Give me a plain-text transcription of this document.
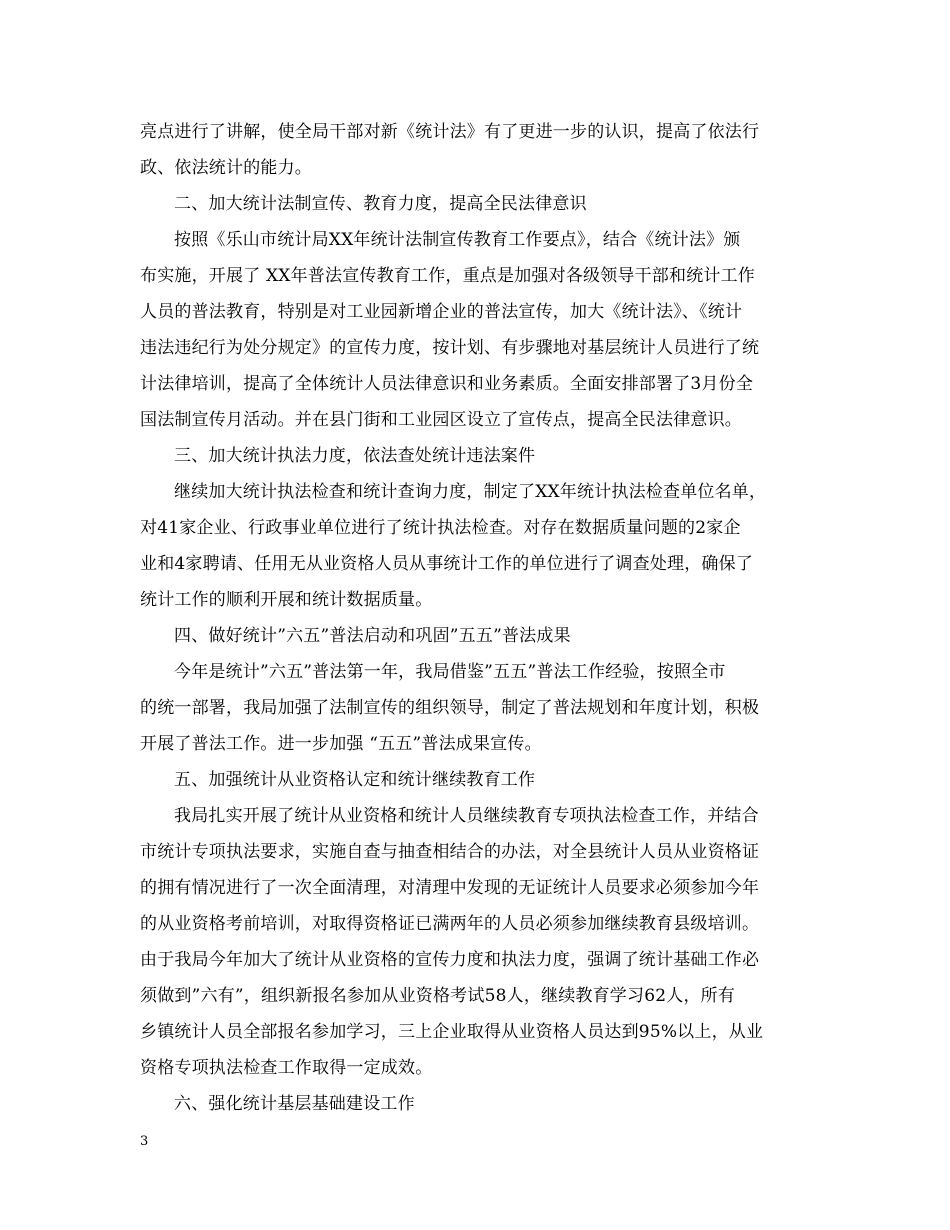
亮点进行了讲解，使全局干部对新《统计法》有了更进一步的认识，提高了依法行
政、依法统计的能力。
二、加大统计法制宣传、教育力度，提高全民法律意识
按照《乐山市统计局XX年统计法制宣传教育工作要点》，结合《统计法》颁
布实施，开展了 XX年普法宣传教育工作，重点是加强对各级领导干部和统计工作
人员的普法教育，特别是对工业园新增企业的普法宣传，加大《统计法》、《统计
违法违纪行为处分规定》的宣传力度，按计划、有步骤地对基层统计人员进行了统
计法律培训，提高了全体统计人员法律意识和业务素质。全面安排部署了3月份全
国法制宣传月活动。并在县门街和工业园区设立了宣传点，提高全民法律意识。
三、加大统计执法力度，依法查处统计违法案件
继续加大统计执法检查和统计查询力度，制定了XX年统计执法检查单位名单，
对41家企业、行政事业单位进行了统计执法检查。对存在数据质量问题的2家企
业和4家聘请、任用无从业资格人员从事统计工作的单位进行了调查处理，确保了
统计工作的顺利开展和统计数据质量。
四、做好统计”六五”普法启动和巩固”五五”普法成果
今年是统计”六五”普法第一年，我局借鉴”五五”普法工作经验，按照全市
的统一部署，我局加强了法制宣传的组织领导，制定了普法规划和年度计划，积极
开展了普法工作。进一步加强 “五五”普法成果宣传。
五、加强统计从业资格认定和统计继续教育工作
我局扎实开展了统计从业资格和统计人员继续教育专项执法检查工作，并结合
市统计专项执法要求，实施自查与抽查相结合的办法，对全县统计人员从业资格证
的拥有情况进行了一次全面清理，对清理中发现的无证统计人员要求必须参加今年
的从业资格考前培训，对取得资格证已满两年的人员必须参加继续教育县级培训。
由于我局今年加大了统计从业资格的宣传力度和执法力度，强调了统计基础工作必
须做到”六有”，组织新报名参加从业资格考试58人，继续教育学习62人，所有
乡镇统计人员全部报名参加学习，三上企业取得从业资格人员达到95%以上，从业
资格专项执法检查工作取得一定成效。
六、强化统计基层基础建设工作
3
